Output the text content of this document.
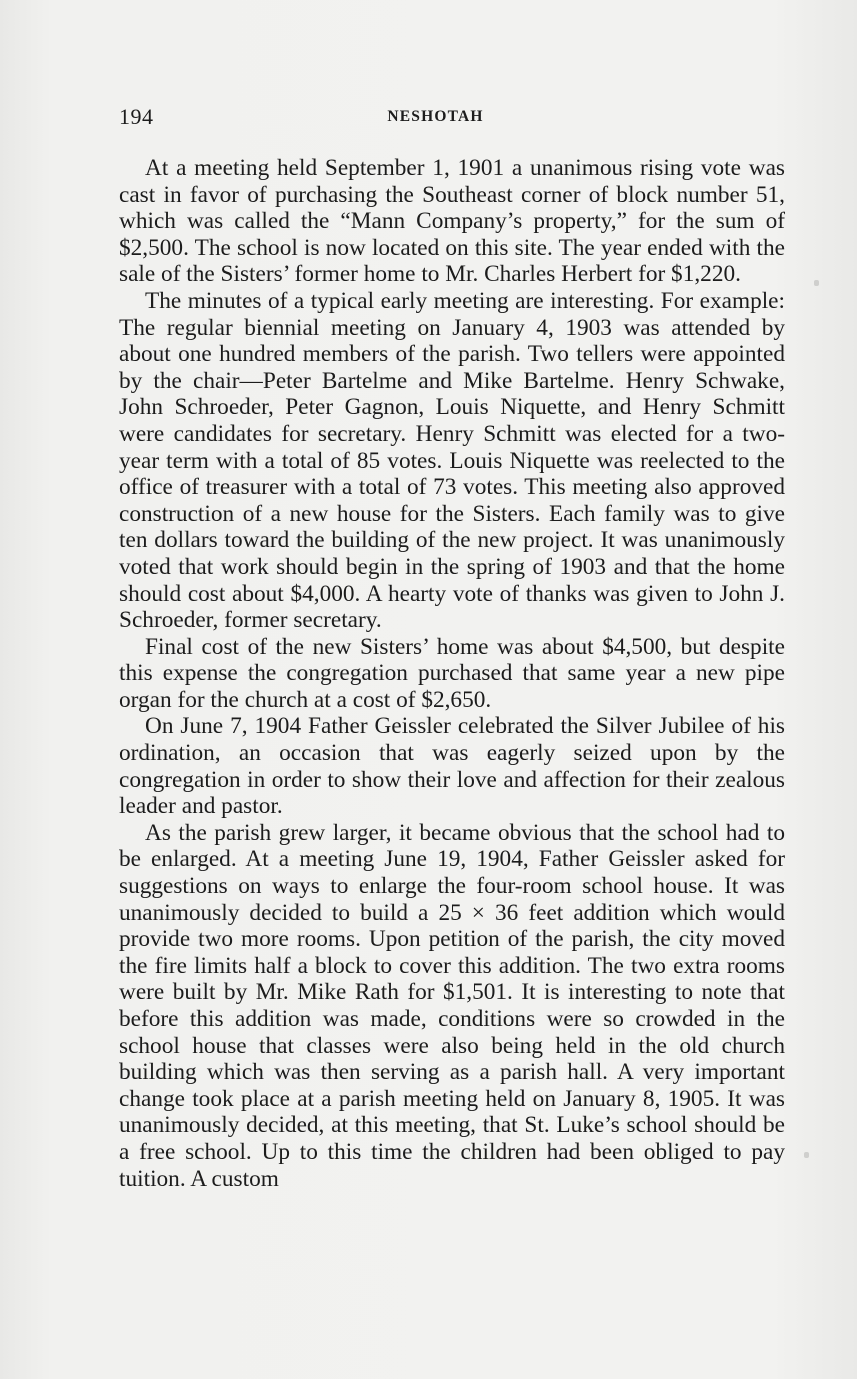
194	NESHOTAH

At a meeting held September 1, 1901 a unanimous rising vote was cast in favor of purchasing the Southeast corner of block number 51, which was called the “Mann Company’s property,” for the sum of $2,500. The school is now located on this site. The year ended with the sale of the Sisters’ former home to Mr. Charles Herbert for $1,220.

The minutes of a typical early meeting are interesting. For example: The regular biennial meeting on January 4, 1903 was attended by about one hundred members of the parish. Two tellers were appointed by the chair—Peter Bartelme and Mike Bartelme. Henry Schwake, John Schroeder, Peter Gagnon, Louis Niquette, and Henry Schmitt were candidates for secretary. Henry Schmitt was elected for a two-year term with a total of 85 votes. Louis Niquette was reelected to the office of treasurer with a total of 73 votes. This meeting also approved construction of a new house for the Sisters. Each family was to give ten dollars toward the building of the new project. It was unanimously voted that work should begin in the spring of 1903 and that the home should cost about $4,000. A hearty vote of thanks was given to John J. Schroeder, former secretary.

Final cost of the new Sisters’ home was about $4,500, but despite this expense the congregation purchased that same year a new pipe organ for the church at a cost of $2,650.

On June 7, 1904 Father Geissler celebrated the Silver Jubilee of his ordination, an occasion that was eagerly seized upon by the congregation in order to show their love and affection for their zealous leader and pastor.

As the parish grew larger, it became obvious that the school had to be enlarged. At a meeting June 19, 1904, Father Geissler asked for suggestions on ways to enlarge the four-room school house. It was unanimously decided to build a 25 × 36 feet addition which would provide two more rooms. Upon petition of the parish, the city moved the fire limits half a block to cover this addition. The two extra rooms were built by Mr. Mike Rath for $1,501. It is interesting to note that before this addition was made, conditions were so crowded in the school house that classes were also being held in the old church building which was then serving as a parish hall. A very important change took place at a parish meeting held on January 8, 1905. It was unanimously decided, at this meeting, that St. Luke’s school should be a free school. Up to this time the children had been obliged to pay tuition. A custom
